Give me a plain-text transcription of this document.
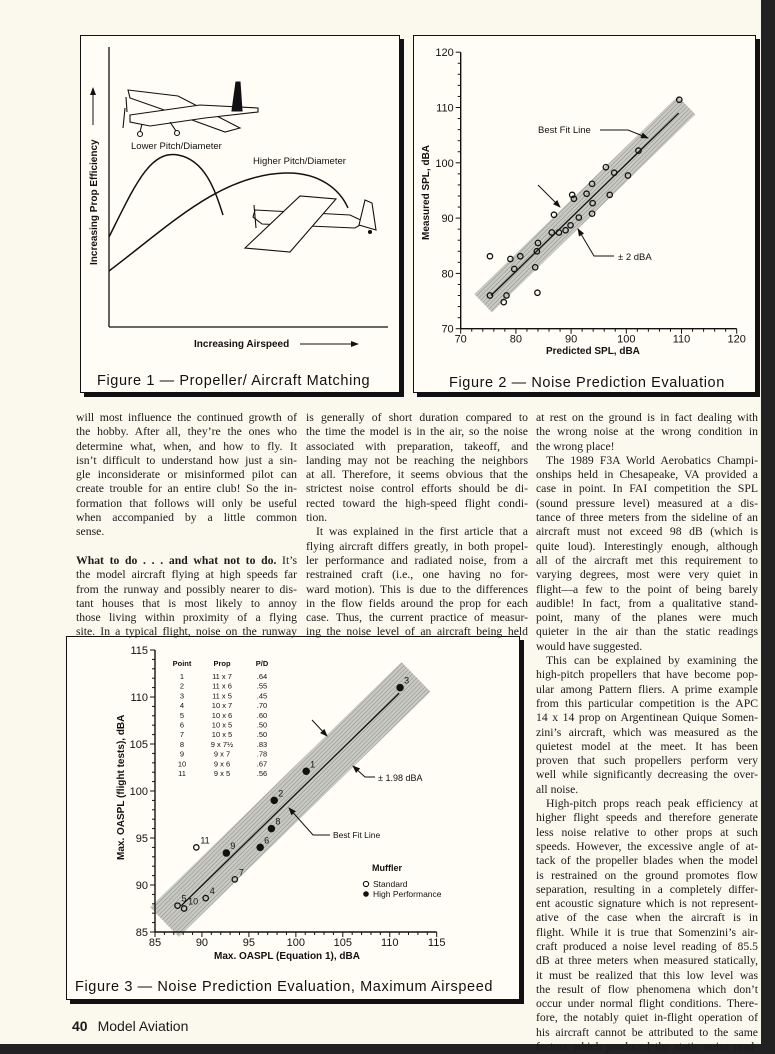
Increasing Prop Efficiency
Increasing Airspeed
Lower Pitch/Diameter
Higher Pitch/Diameter
Figure 1 — Propeller/ Aircraft Matching
Measured SPL, dBA
Predicted SPL, dBA
Best Fit Line
± 2 dBA
Figure 2 — Noise Prediction Evaluation
70	80	90	100	110	120
70
80
90
100
110
120
Max. OASPL (flight tests), dBA
Max. OASPL (Equation 1), dBA
Point	Prop	P/D
1	11 x 7	.64
2	11 x 6	.55
3	11 x 5	.45
4	10 x 7	.70
5	10 x 6	.60
6	10 x 5	.50
7	10 x 5	.50
8	9 x 7½	.83
9	9 x 7	.78
10	9 x 6	.67
11	9 x 5	.56	± 1.98 dBA
Best Fit Line
Muffler
Standard
High Performance
Figure 3 — Noise Prediction Evaluation, Maximum Airspeed
85	90	95	100	105	110	115
85
90
95
100
105
110
115
1
2
3
4
5
6
7
8
9
10
11
will most influence the continued growth of
the hobby. After all, they’re the ones who
determine what, when, and how to fly. It
isn’t difficult to understand how just a sin-
gle inconsiderate or misinformed pilot can
create trouble for an entire club! So the in-
formation that follows will only be useful
when accompanied by a little common
sense.
What to do . . . and what not to do. It’s
the model aircraft flying at high speeds far
from the runway and possibly nearer to dis-
tant houses that is most likely to annoy
those living within proximity of a flying
site. In a typical flight, noise on the runway
is generally of short duration compared to
the time the model is in the air, so the noise
associated with preparation, takeoff, and
landing may not be reaching the neighbors
at all. Therefore, it seems obvious that the
strictest noise control efforts should be di-
rected toward the high-speed flight condi-
tion.
It was explained in the first article that a
flying aircraft differs greatly, in both propel-
ler performance and radiated noise, from a
restrained craft (i.e., one having no for-
ward motion). This is due to the differences
in the flow fields around the prop for each
case. Thus, the current practice of measur-
ing the noise level of an aircraft being held
at rest on the ground is in fact dealing with
the wrong noise at the wrong condition in
the wrong place!
The 1989 F3A World Aerobatics Champi-
onships held in Chesapeake, VA provided a
case in point. In FAI competition the SPL
(sound pressure level) measured at a dis-
tance of three meters from the sideline of an
aircraft must not exceed 98 dB (which is
quite loud). Interestingly enough, although
all of the aircraft met this requirement to
varying degrees, most were very quiet in
flight—a few to the point of being barely
audible! In fact, from a qualitative stand-
point, many of the planes were much
quieter in the air than the static readings
would have suggested.
This can be explained by examining the
high-pitch propellers that have become pop-
ular among Pattern fliers. A prime example
from this particular competition is the APC
14 x 14 prop on Argentinean Quique Somen-
zini’s aircraft, which was measured as the
quietest model at the meet. It has been
proven that such propellers perform very
well while significantly decreasing the over-
all noise.
High-pitch props reach peak efficiency at
higher flight speeds and therefore generate
less noise relative to other props at such
speeds. However, the excessive angle of at-
tack of the propeller blades when the model
is restrained on the ground promotes flow
separation, resulting in a completely differ-
ent acoustic signature which is not represent-
ative of the case when the aircraft is in
flight. While it is true that Somenzini’s air-
craft produced a noise level reading of 85.5
dB at three meters when measured statically,
it must be realized that this low level was
the result of flow phenomena which don’t
occur under normal flight conditions. There-
fore, the notably quiet in-flight operation of
his aircraft cannot be attributed to the same
factors which produced the static noise read-
40 Model Aviation
